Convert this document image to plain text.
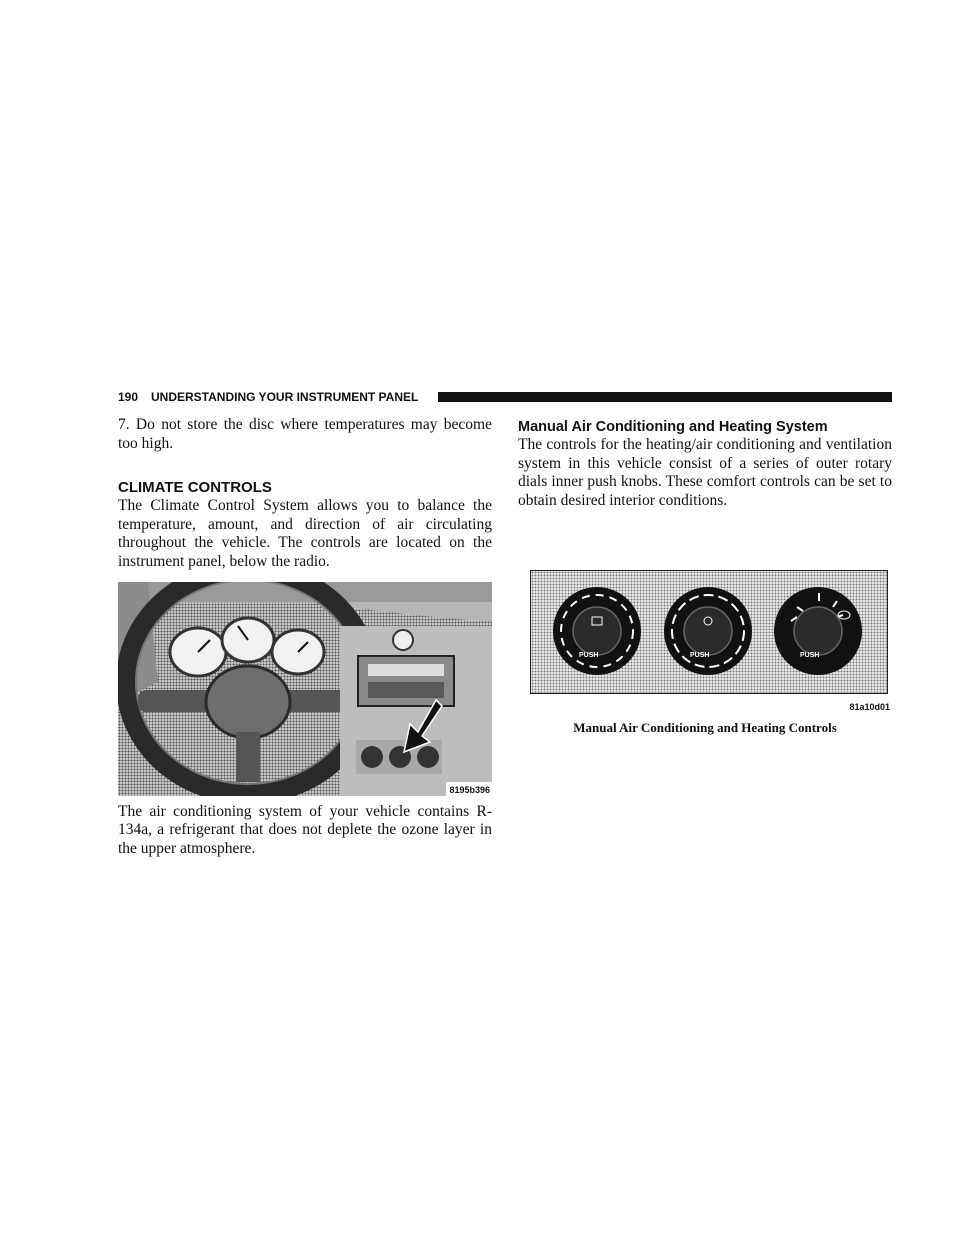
190 UNDERSTANDING YOUR INSTRUMENT PANEL

7. Do not store the disc where temperatures may become too high.

CLIMATE CONTROLS

The Climate Control System allows you to balance the temperature, amount, and direction of air circulating throughout the vehicle. The controls are located on the instrument panel, below the radio.

8195b396

The air conditioning system of your vehicle contains R-134a, a refrigerant that does not deplete the ozone layer in the upper atmosphere.

Manual Air Conditioning and Heating System

The controls for the heating/air conditioning and ventilation system in this vehicle consist of a series of outer rotary dials inner push knobs. These comfort controls can be set to obtain desired interior conditions.

PUSH	PUSH	PUSH
81a10d01
Manual Air Conditioning and Heating Controls
